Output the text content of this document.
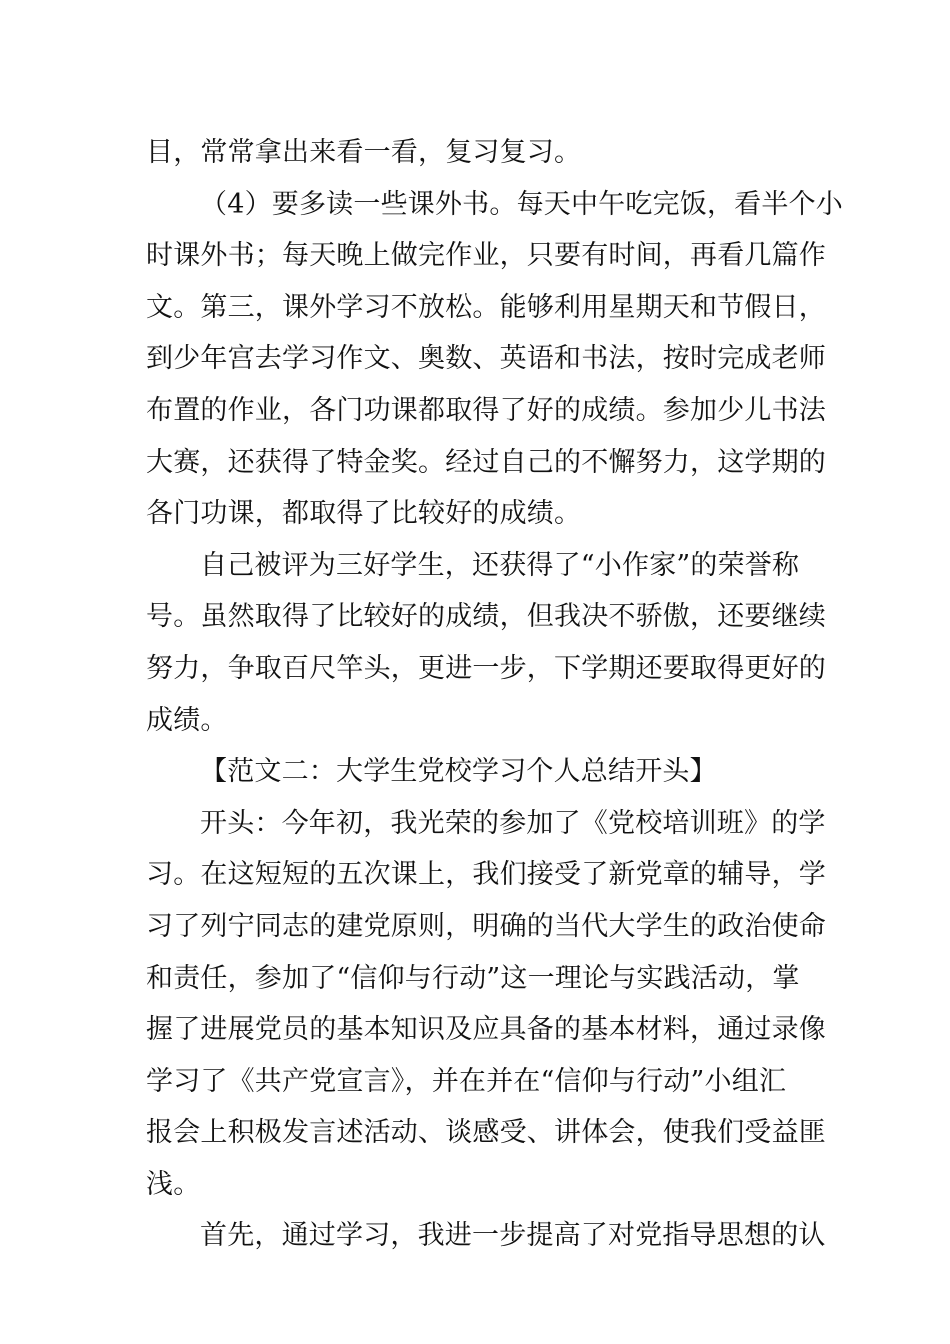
目，常常拿出来看一看，复习复习。
（4）要多读一些课外书。每天中午吃完饭，看半个小
时课外书；每天晚上做完作业，只要有时间，再看几篇作
文。第三，课外学习不放松。能够利用星期天和节假日，
到少年宫去学习作文、奥数、英语和书法，按时完成老师
布置的作业，各门功课都取得了好的成绩。参加少儿书法
大赛，还获得了特金奖。经过自己的不懈努力，这学期的
各门功课，都取得了比较好的成绩。
自己被评为三好学生，还获得了“小作家”的荣誉称
号。虽然取得了比较好的成绩，但我决不骄傲，还要继续
努力，争取百尺竿头，更进一步，下学期还要取得更好的
成绩。
【范文二：大学生党校学习个人总结开头】
开头：今年初，我光荣的参加了《党校培训班》的学
习。在这短短的五次课上，我们接受了新党章的辅导，学
习了列宁同志的建党原则，明确的当代大学生的政治使命
和责任，参加了“信仰与行动”这一理论与实践活动，掌
握了进展党员的基本知识及应具备的基本材料，通过录像
学习了《共产党宣言》，并在并在“信仰与行动”小组汇
报会上积极发言述活动、谈感受、讲体会，使我们受益匪
浅。
首先，通过学习，我进一步提高了对党指导思想的认
